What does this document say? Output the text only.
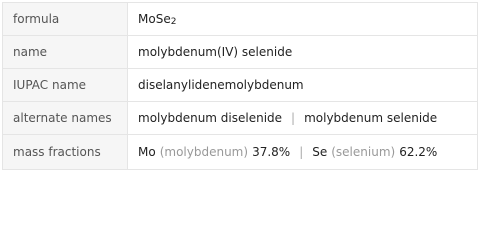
formula	MoSe 2
name	molybdenum(IV) selenide
IUPAC name	diselanylidenemolybdenum
alternate names	molybdenum diselenide | molybdenum selenide
mass fractions	Mo (molybdenum) 37.8% | Se (selenium) 62.2%
